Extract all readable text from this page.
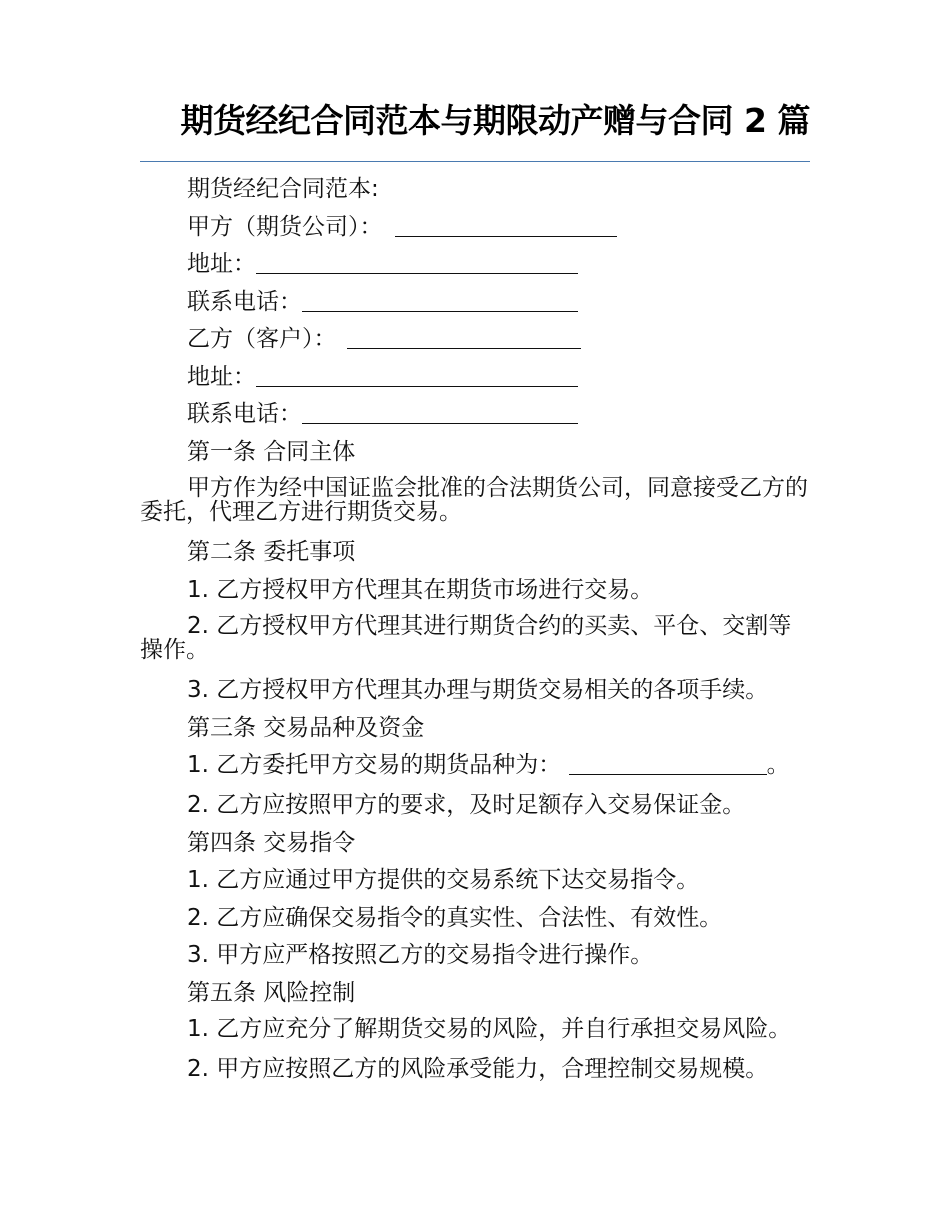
期货经纪合同范本与期限动产赠与合同 2 篇
期货经纪合同范本:
甲方（期货公司）：
地址：
联系电话：
乙方（客户）：
地址：
联系电话：
第一条 合同主体
甲方作为经中国证监会批准的合法期货公司，同意接受乙方的委托，代理乙方进行期货交易。
第二条 委托事项
1. 乙方授权甲方代理其在期货市场进行交易。
2. 乙方授权甲方代理其进行期货合约的买卖、平仓、交割等操作。
3. 乙方授权甲方代理其办理与期货交易相关的各项手续。
第三条 交易品种及资金
1. 乙方委托甲方交易的期货品种为：	。
2. 乙方应按照甲方的要求，及时足额存入交易保证金。
第四条 交易指令
1. 乙方应通过甲方提供的交易系统下达交易指令。
2. 乙方应确保交易指令的真实性、合法性、有效性。
3. 甲方应严格按照乙方的交易指令进行操作。
第五条 风险控制
1. 乙方应充分了解期货交易的风险，并自行承担交易风险。
2. 甲方应按照乙方的风险承受能力，合理控制交易规模。
